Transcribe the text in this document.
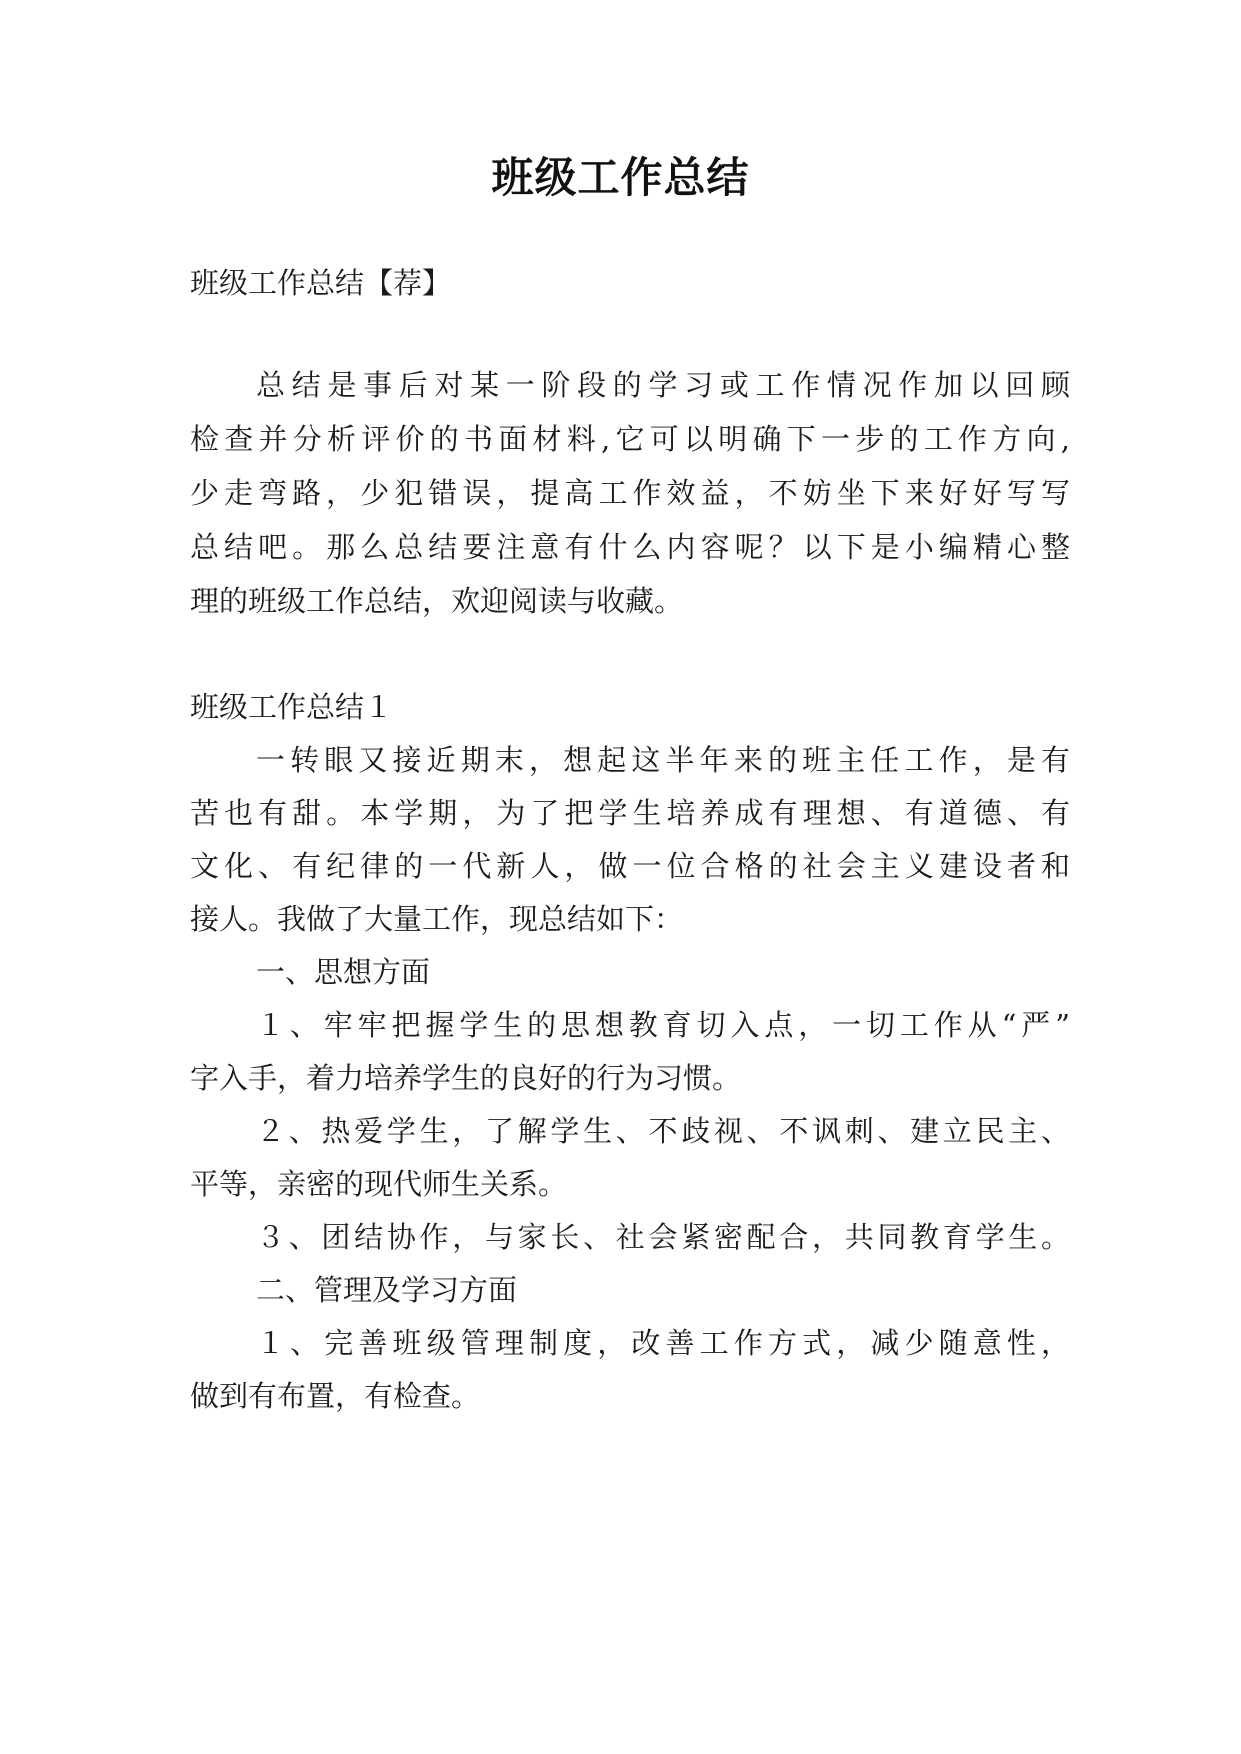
班级工作总结
班级工作总结【荐】
总结是事后对某一阶段的学习或工作情况作加以回顾
检查并分析评价的书面材料,它可以明确下一步的工作方向,
少走弯路，少犯错误，提高工作效益，不妨坐下来好好写写
总结吧。那么总结要注意有什么内容呢？以下是小编精心整
理的班级工作总结，欢迎阅读与收藏。
班级工作总结１
一转眼又接近期末，想起这半年来的班主任工作，是有
苦也有甜。本学期，为了把学生培养成有理想、有道德、有
文化、有纪律的一代新人，做一位合格的社会主义建设者和
接人。我做了大量工作，现总结如下：
一、思想方面
１、牢牢把握学生的思想教育切入点，一切工作从“严”
字入手，着力培养学生的良好的行为习惯。
２、热爱学生，了解学生、不歧视、不讽刺、建立民主、
平等，亲密的现代师生关系。
３、团结协作，与家长、社会紧密配合，共同教育学生。
二、管理及学习方面
１、完善班级管理制度，改善工作方式，减少随意性，
做到有布置，有检查。
